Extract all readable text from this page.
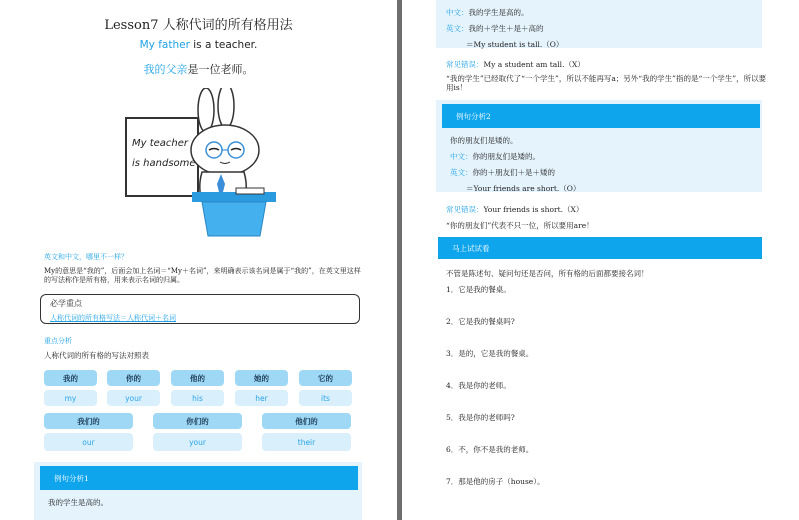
Lesson7 人称代词的所有格用法
My father is a teacher.
我的父亲是一位老师。
My teacher
is handsome
英文和中文，哪里不一样？
My的意思是“我的”，后面会加上名词＝“My＋名词”，来明确表示该名词是属于“我的”，在英文里这样的写法称作是所有格，用来表示名词的归属。
必学重点
人称代词的所有格写法＝人称代词＋名词
重点分析
人称代词的所有格的写法对照表
我的	你的	他的	她的	它的
my	your	his	her	its
我们的	你们的	他们的
our	your	their
例句分析1
我的学生是高的。
中文：我的学生是高的。
英文：我的＋学生＋是＋高的
＝My student is tall.（O）
常见错误：My a student am tall.（X）
“我的学生”已经取代了“一个学生”，所以不能再写a；另外“我的学生”指的是“一个学生”，所以要用is！
例句分析2
你的朋友们是矮的。
中文：你的朋友们是矮的。
英文：你的＋朋友们＋是＋矮的
＝Your friends are short.（O）
常见错误：Your friends is short.（X）
“你的朋友们”代表不只一位，所以要用are！
马上试试看
不管是陈述句、疑问句还是否问，所有格的后面都要接名词！
1．它是我的餐桌。
2．它是我的餐桌吗?
3．是的，它是我的餐桌。
4．我是你的老师。
5．我是你的老师吗?
6．不，你不是我的老师。
7．那是他的房子（house）。
